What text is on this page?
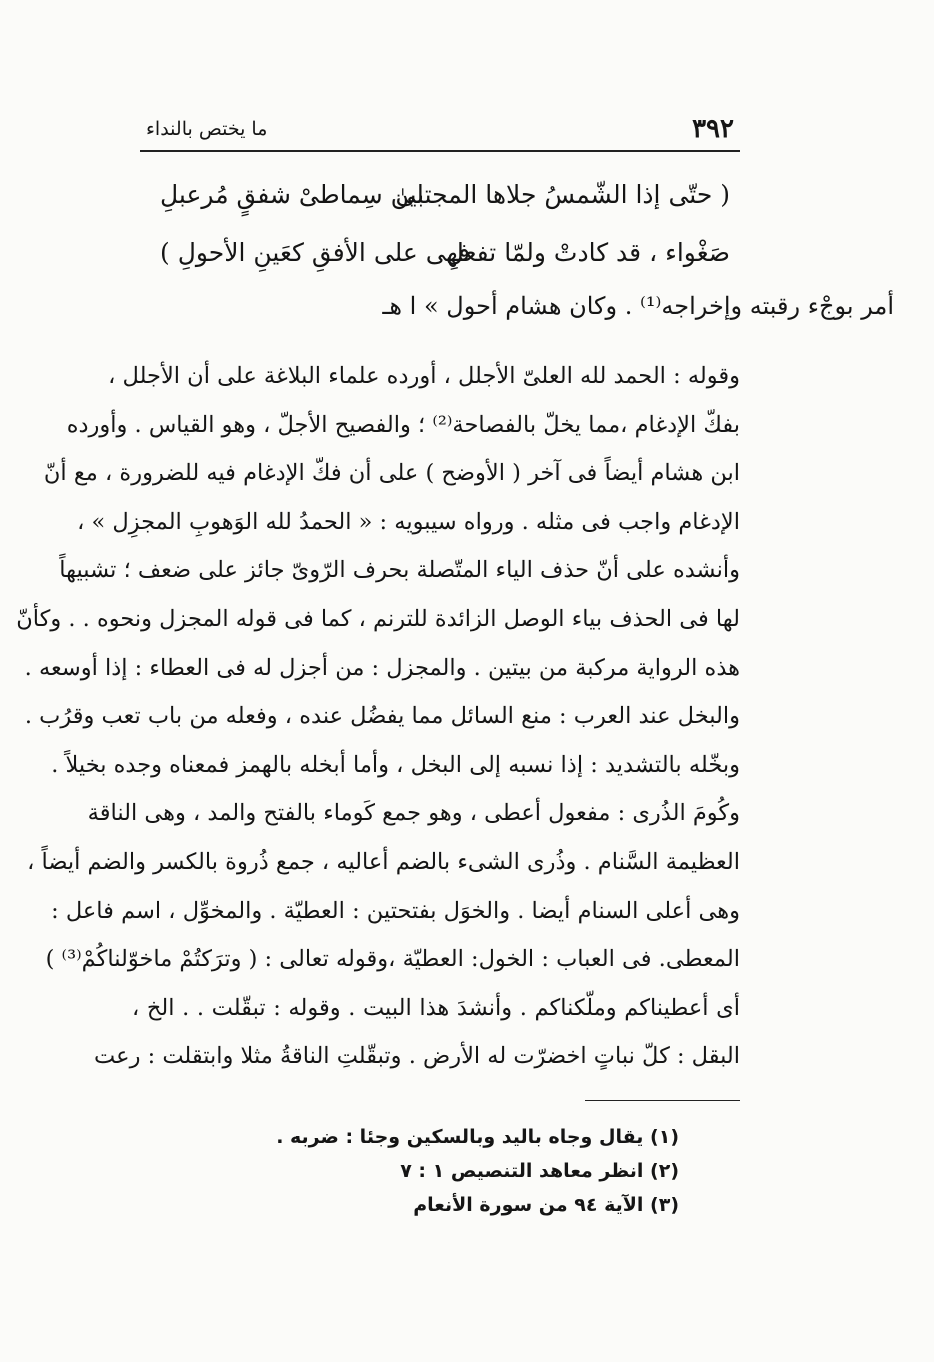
٣٩٢
ما يختص بالنداء
( حتّى إذا الشّمسُ جلاها المجتلىٰ
بين سِماطىْ شفقٍ مُرعبلِ
صَغْواء ، قد كادتْ ولمّا تفعلِ
فهى على الأفقِ كعَينِ الأحولِ )
أمر بوجْء رقبته وإخراجه⁽¹⁾ . وكان هشام أحول » ا هـ
وقوله : الحمد لله العلىّ الأجلل ، أورده علماء البلاغة على أن الأجلل ،
بفكّ الإدغام ،مما يخلّ بالفصاحة⁽²⁾ ؛ والفصيح الأجلّ ، وهو القياس . وأورده
ابن هشام أيضاً فى آخر ( الأوضح ) على أن فكّ الإدغام فيه للضرورة ، مع أنّ
الإدغام واجب فى مثله . ورواه سيبويه : « الحمدُ لله الوَهوبِ المجزِل » ،
وأنشده على أنّ حذف الياء المتّصلة بحرف الرّوىّ جائز على ضعف ؛ تشبيهاً
لها فى الحذف بياء الوصل الزائدة للترنم ، كما فى قوله المجزل ونحوه . . وكأنّ
هذه الرواية مركبة من بيتين . والمجزل : من أجزل له فى العطاء : إذا أوسعه .
والبخل عند العرب : منع السائل مما يفضُل عنده ، وفعله من باب تعب وقرُب .
وبخّله بالتشديد : إذا نسبه إلى البخل ، وأما أبخله بالهمز فمعناه وجده بخيلاً .
وكُومَ الذُرى : مفعول أعطى ، وهو جمع كَوماء بالفتح والمد ، وهى الناقة
العظيمة السَّنام . وذُرى الشىء بالضم أعاليه ، جمع ذُروة بالكسر والضم أيضاً ،
وهى أعلى السنام أيضا . والخوَل بفتحتين : العطيّة . والمخوِّل ، اسم فاعل :
المعطى. فى العباب : الخول: العطيّة ،وقوله تعالى : ( وترَكتُمْ ماخوّلناكُمْ⁽³⁾ )
أى أعطيناكم وملّكناكم . وأنشدَ هذا البيت . وقوله : تبقّلت . . الخ ،
البقل : كلّ نباتٍ اخضرّت له الأرض . وتبقّلتِ الناقةُ مثلا وابتقلت : رعت
(١) يقال وجاه باليد وبالسكين وجئا : ضربه .
(٢) انظر معاهد التنصيص ١ : ٧
(٣) الآية ٩٤ من سورة الأنعام
